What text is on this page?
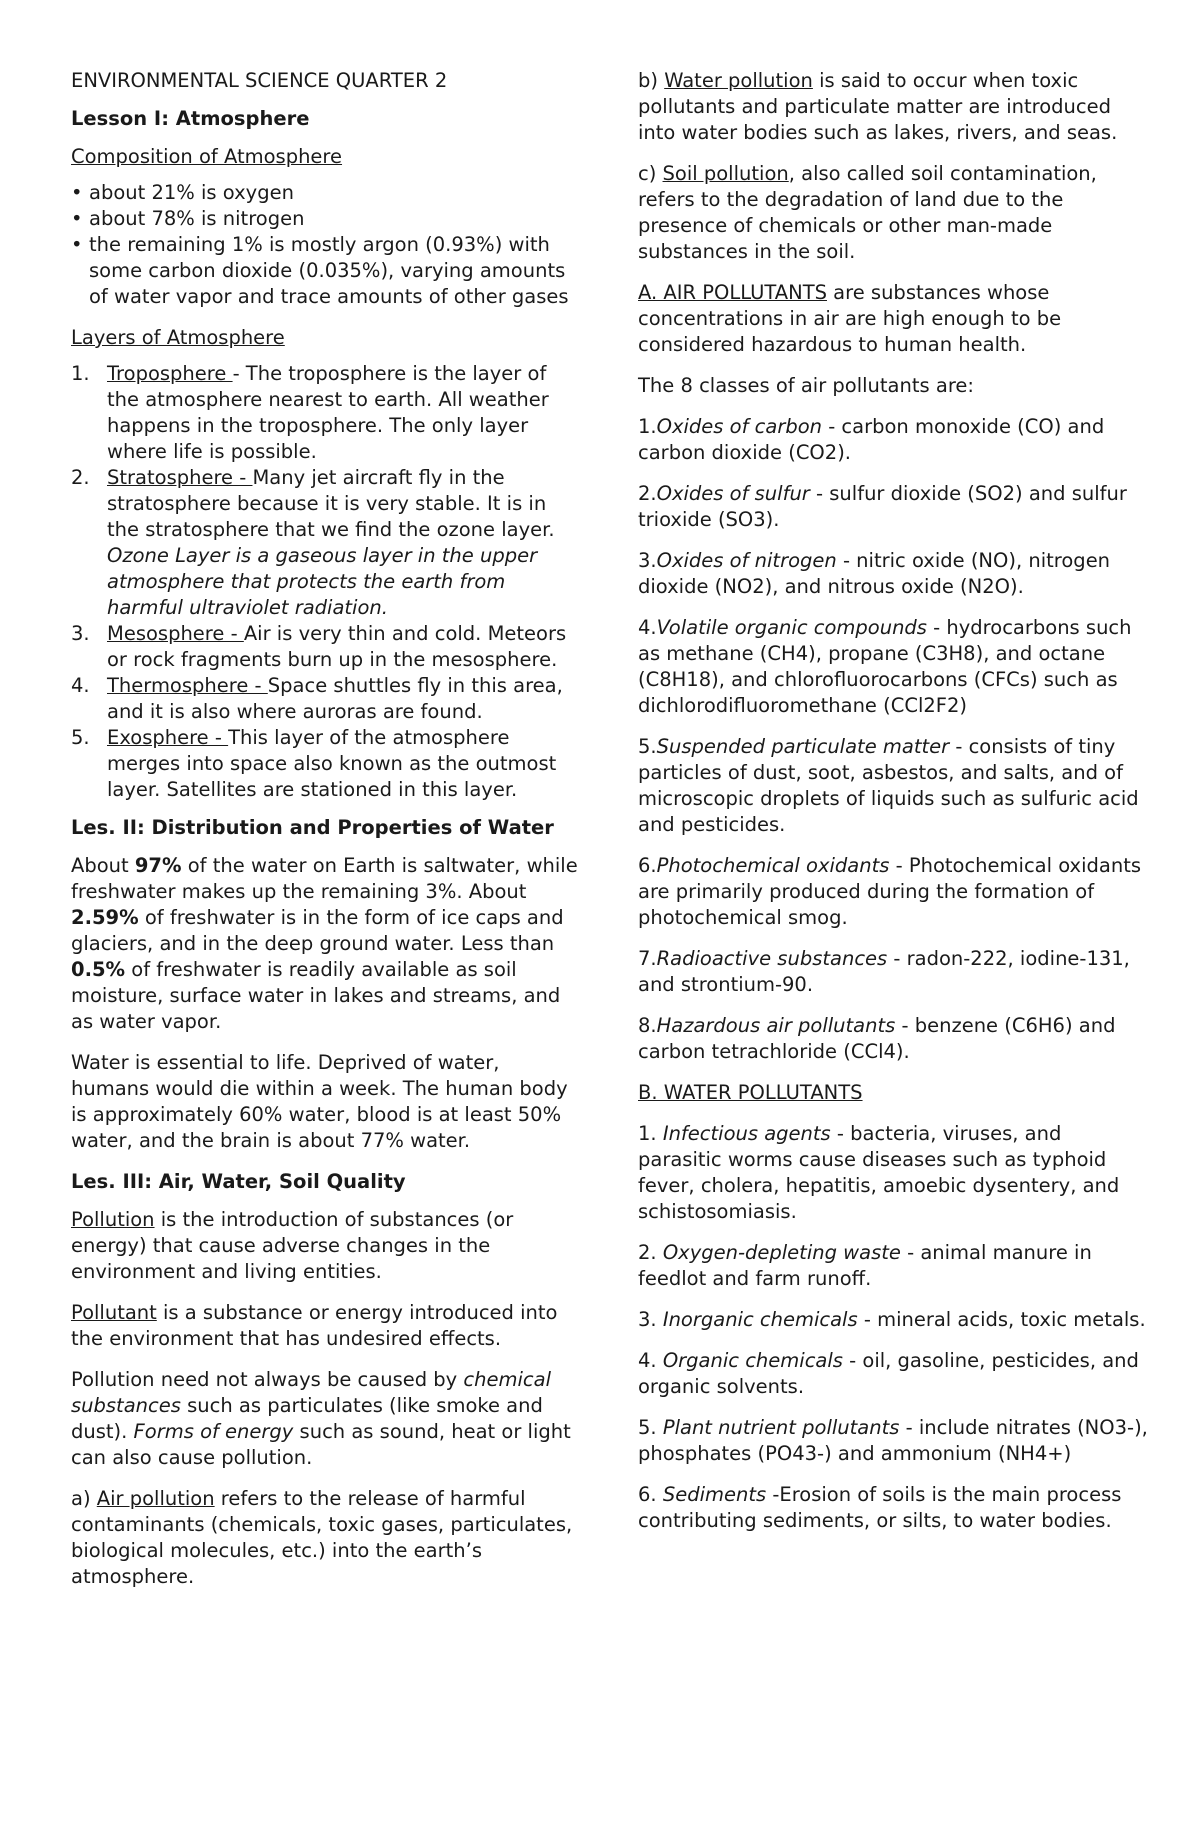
ENVIRONMENTAL SCIENCE QUARTER 2

Lesson I: Atmosphere

Composition of Atmosphere

• about 21% is oxygen
• about 78% is nitrogen
• the remaining 1% is mostly argon (0.93%) with some carbon dioxide (0.035%), varying amounts of water vapor and trace amounts of other gases

Layers of Atmosphere

1. Troposphere - The troposphere is the layer of the atmosphere nearest to earth. All weather happens in the troposphere. The only layer where life is possible.
2. Stratosphere - Many jet aircraft fly in the stratosphere because it is very stable. It is in the stratosphere that we find the ozone layer. Ozone Layer is a gaseous layer in the upper atmosphere that protects the earth from harmful ultraviolet radiation.
3. Mesosphere - Air is very thin and cold. Meteors or rock fragments burn up in the mesosphere.
4. Thermosphere - Space shuttles fly in this area, and it is also where auroras are found.
5. Exosphere - This layer of the atmosphere merges into space also known as the outmost layer. Satellites are stationed in this layer.

Les. II: Distribution and Properties of Water

About 97% of the water on Earth is saltwater, while freshwater makes up the remaining 3%. About 2.59% of freshwater is in the form of ice caps and glaciers, and in the deep ground water. Less than 0.5% of freshwater is readily available as soil moisture, surface water in lakes and streams, and as water vapor.

Water is essential to life. Deprived of water, humans would die within a week. The human body is approximately 60% water, blood is at least 50% water, and the brain is about 77% water.

Les. III: Air, Water, Soil Quality

Pollution is the introduction of substances (or energy) that cause adverse changes in the environment and living entities.

Pollutant is a substance or energy introduced into the environment that has undesired effects.

Pollution need not always be caused by chemical substances such as particulates (like smoke and dust). Forms of energy such as sound, heat or light can also cause pollution.

a) Air pollution refers to the release of harmful contaminants (chemicals, toxic gases, particulates, biological molecules, etc.) into the earth’s atmosphere.

b) Water pollution is said to occur when toxic pollutants and particulate matter are introduced into water bodies such as lakes, rivers, and seas.

c) Soil pollution, also called soil contamination, refers to the degradation of land due to the presence of chemicals or other man-made substances in the soil.

A. AIR POLLUTANTS are substances whose concentrations in air are high enough to be considered hazardous to human health.

The 8 classes of air pollutants are:

1.Oxides of carbon - carbon monoxide (CO) and carbon dioxide (CO2).

2.Oxides of sulfur - sulfur dioxide (SO2) and sulfur trioxide (SO3).

3.Oxides of nitrogen - nitric oxide (NO), nitrogen dioxide (NO2), and nitrous oxide (N2O).

4.Volatile organic compounds - hydrocarbons such as methane (CH4), propane (C3H8), and octane (C8H18), and chlorofluorocarbons (CFCs) such as dichlorodifluoromethane (CCl2F2)

5.Suspended particulate matter - consists of tiny particles of dust, soot, asbestos, and salts, and of microscopic droplets of liquids such as sulfuric acid and pesticides.

6.Photochemical oxidants - Photochemical oxidants are primarily produced during the formation of photochemical smog.

7.Radioactive substances - radon-222, iodine-131, and strontium-90.

8.Hazardous air pollutants - benzene (C6H6) and carbon tetrachloride (CCl4).

B. WATER POLLUTANTS

1. Infectious agents - bacteria, viruses, and parasitic worms cause diseases such as typhoid fever, cholera, hepatitis, amoebic dysentery, and schistosomiasis.

2. Oxygen-depleting waste - animal manure in feedlot and farm runoff.

3. Inorganic chemicals - mineral acids, toxic metals.

4. Organic chemicals - oil, gasoline, pesticides, and organic solvents.

5. Plant nutrient pollutants - include nitrates (NO3-), phosphates (PO43-) and ammonium (NH4+)

6. Sediments -Erosion of soils is the main process contributing sediments, or silts, to water bodies.
